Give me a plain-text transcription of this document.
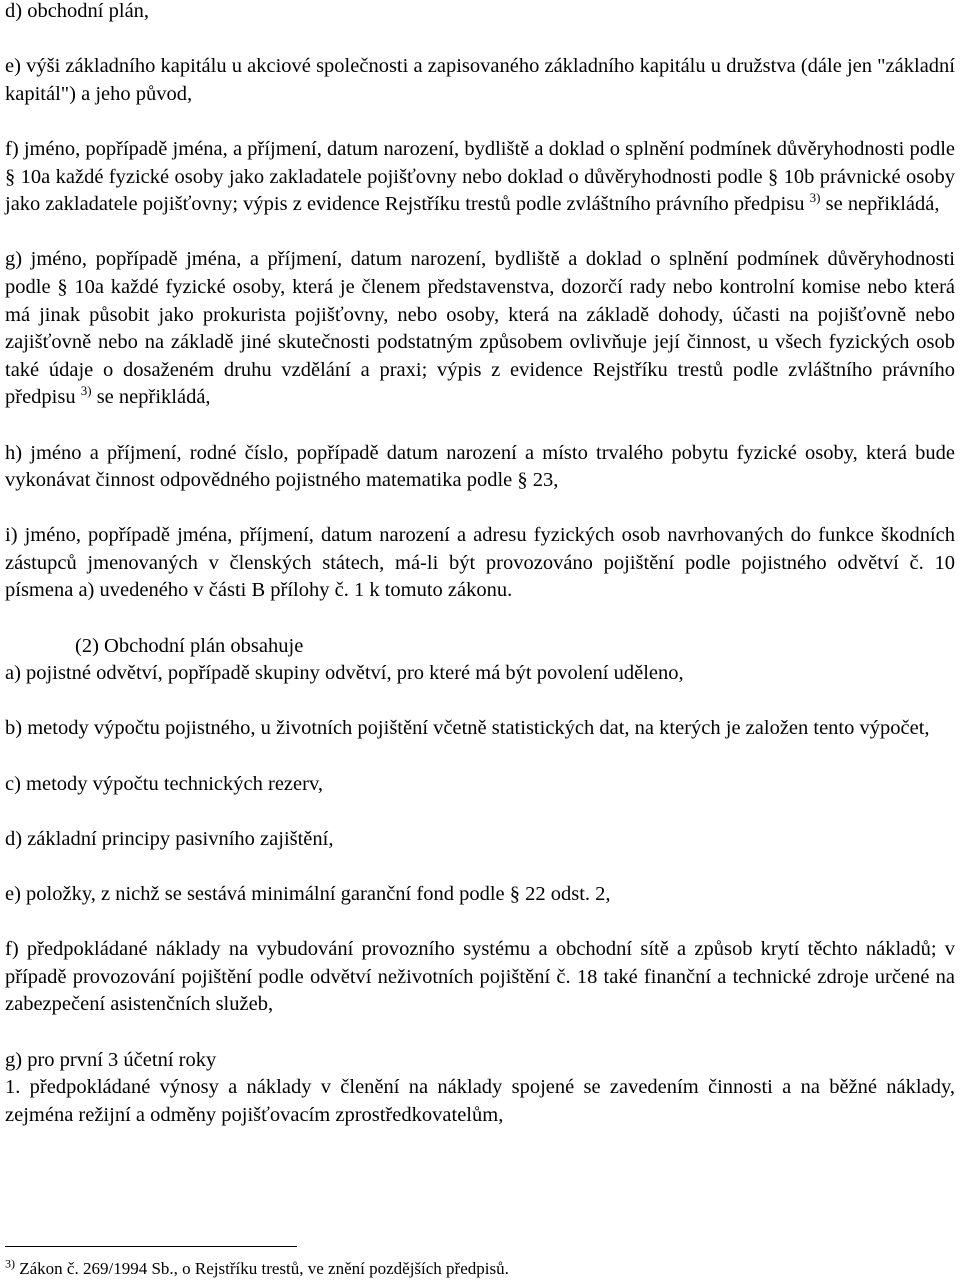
d) obchodní plán,

e) výši základního kapitálu u akciové společnosti a zapisovaného základního kapitálu u družstva (dále jen "základní kapitál") a jeho původ,

f) jméno, popřípadě jména, a příjmení, datum narození, bydliště a doklad o splnění podmínek důvěryhodnosti podle § 10a každé fyzické osoby jako zakladatele pojišťovny nebo doklad o důvěryhodnosti podle § 10b právnické osoby jako zakladatele pojišťovny; výpis z evidence Rejstříku trestů podle zvláštního právního předpisu $^{3)}$ se nepřikládá,

g) jméno, popřípadě jména, a příjmení, datum narození, bydliště a doklad o splnění podmínek důvěryhodnosti podle § 10a každé fyzické osoby, která je členem představenstva, dozorčí rady nebo kontrolní komise nebo která má jinak působit jako prokurista pojišťovny, nebo osoby, která na základě dohody, účasti na pojišťovně nebo zajišťovně nebo na základě jiné skutečnosti podstatným způsobem ovlivňuje její činnost, u všech fyzických osob také údaje o dosaženém druhu vzdělání a praxi; výpis z evidence Rejstříku trestů podle zvláštního právního předpisu $^{3)}$ se nepřikládá,

h) jméno a příjmení, rodné číslo, popřípadě datum narození a místo trvalého pobytu fyzické osoby, která bude vykonávat činnost odpovědného pojistného matematika podle § 23,

i) jméno, popřípadě jména, příjmení, datum narození a adresu fyzických osob navrhovaných do funkce škodních zástupců jmenovaných v členských státech, má-li být provozováno pojištění podle pojistného odvětví č. 10 písmena a) uvedeného v části B přílohy č. 1 k tomuto zákonu.

(2) Obchodní plán obsahuje

a) pojistné odvětví, popřípadě skupiny odvětví, pro které má být povolení uděleno,

b) metody výpočtu pojistného, u životních pojištění včetně statistických dat, na kterých je založen tento výpočet,

c) metody výpočtu technických rezerv,

d) základní principy pasivního zajištění,

e) položky, z nichž se sestává minimální garanční fond podle § 22 odst. 2,

f) předpokládané náklady na vybudování provozního systému a obchodní sítě a způsob krytí těchto nákladů; v případě provozování pojištění podle odvětví neživotních pojištění č. 18 také finanční a technické zdroje určené na zabezpečení asistenčních služeb,

g) pro první 3 účetní roky

1. předpokládané výnosy a náklady v členění na náklady spojené se zavedením činnosti a na běžné náklady, zejména režijní a odměny pojišťovacím zprostředkovatelům,

$^{3)}$ Zákon č. 269/1994 Sb., o Rejstříku trestů, ve znění pozdějších předpisů.
